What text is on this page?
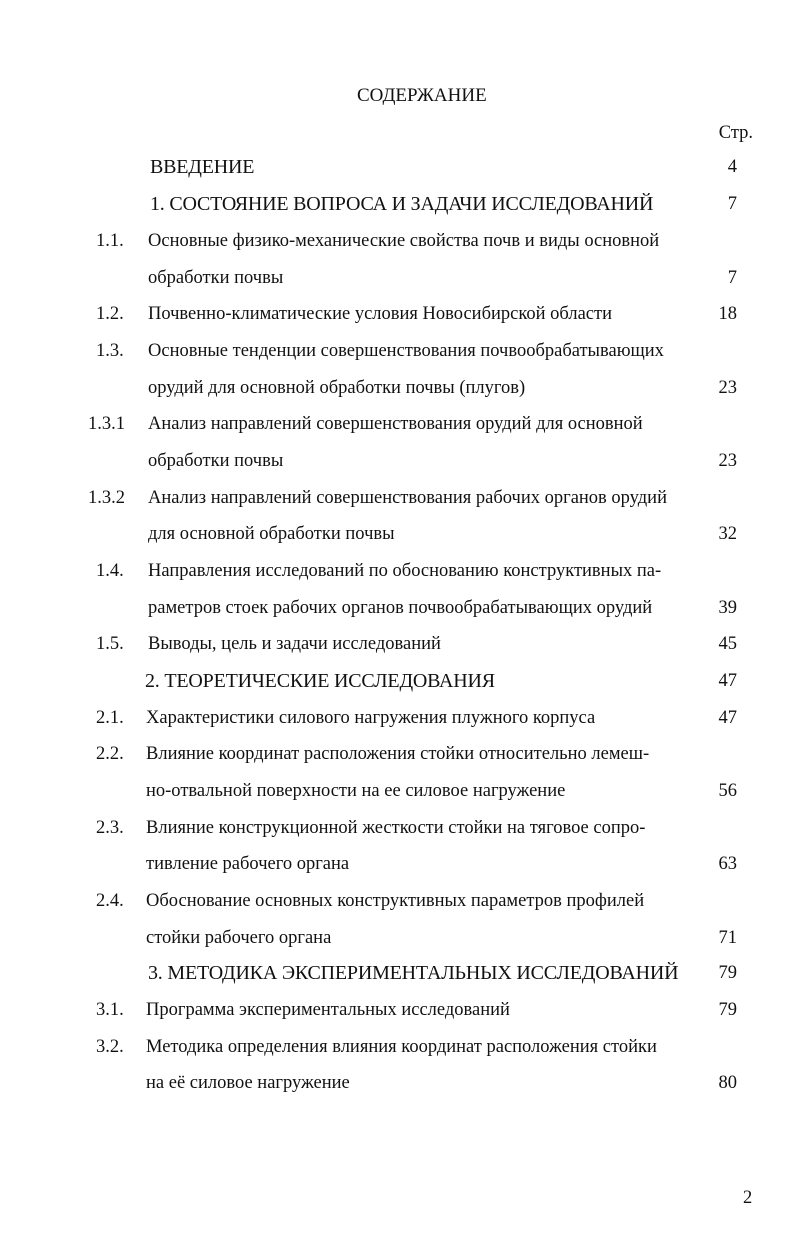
СОДЕРЖАНИЕ
Стр.
ВВЕДЕНИЕ	4
1. СОСТОЯНИЕ ВОПРОСА И ЗАДАЧИ ИССЛЕДОВАНИЙ	7
1.1. Основные физико-механические свойства почв и виды основной
обработки почвы	7
1.2. Почвенно-климатические условия Новосибирской области	18
1.3. Основные тенденции совершенствования почвообрабатывающих
орудий для основной обработки почвы (плугов)	23
1.3.1 Анализ направлений совершенствования орудий для основной
обработки почвы	23
1.3.2 Анализ направлений совершенствования рабочих органов орудий
для основной обработки почвы	32
1.4. Направления исследований по обоснованию конструктивных па-
раметров стоек рабочих органов почвообрабатывающих орудий	39
1.5. Выводы, цель и задачи исследований	45
2. ТЕОРЕТИЧЕСКИЕ ИССЛЕДОВАНИЯ	47
2.1. Характеристики силового нагружения плужного корпуса	47
2.2. Влияние координат расположения стойки относительно лемеш-
но-отвальной поверхности на ее силовое нагружение	56
2.3. Влияние конструкционной жесткости стойки на тяговое сопро-
тивление рабочего органа	63
2.4. Обоснование основных конструктивных параметров профилей
стойки рабочего органа	71
3. МЕТОДИКА ЭКСПЕРИМЕНТАЛЬНЫХ ИССЛЕДОВАНИЙ	79
3.1. Программа экспериментальных исследований	79
3.2. Методика определения влияния координат расположения стойки
на её силовое нагружение	80
2
